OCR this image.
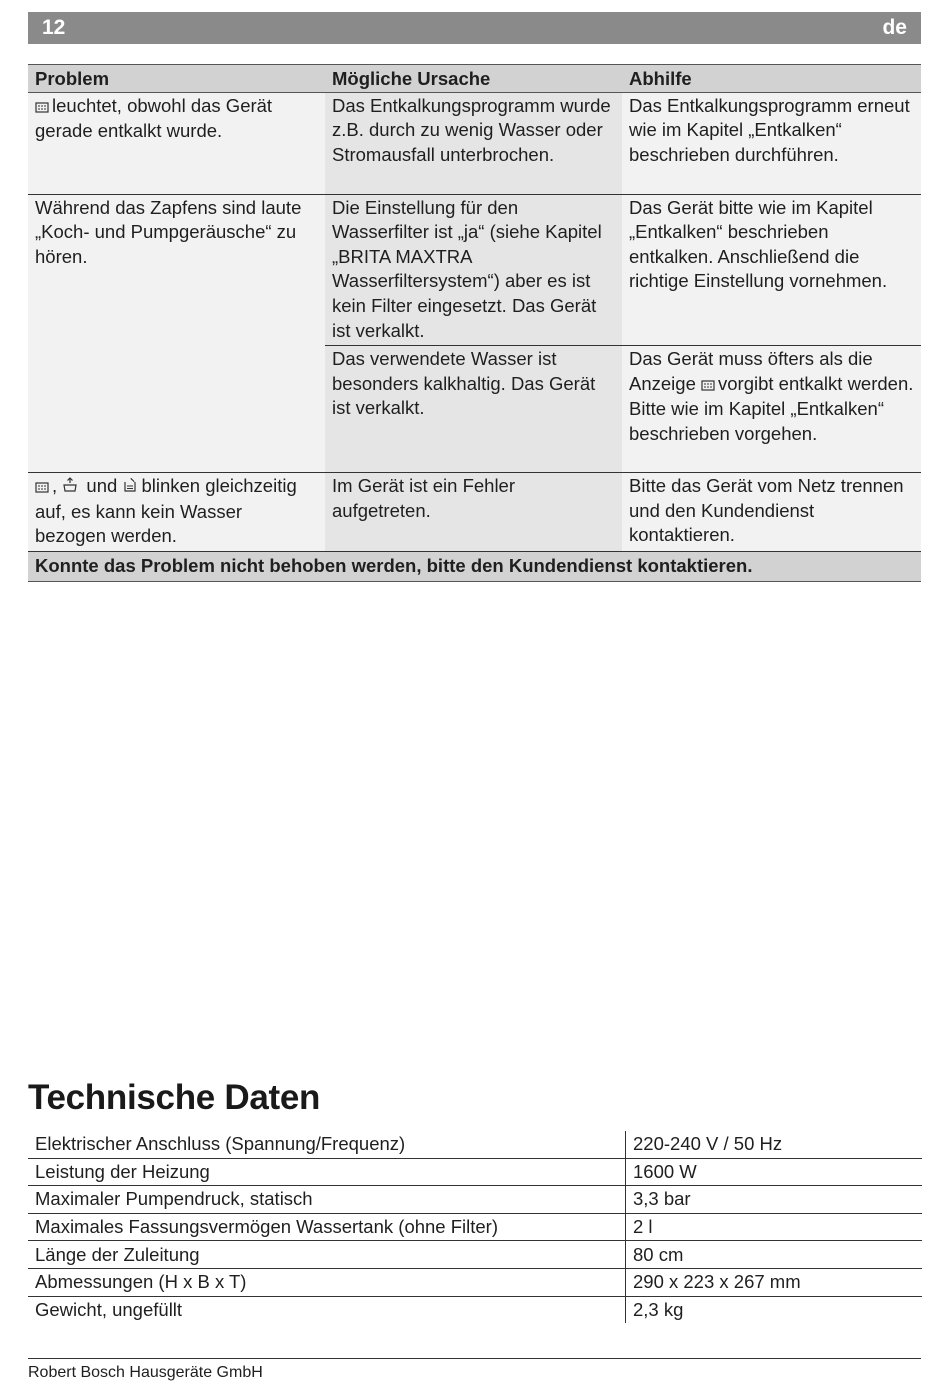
12	de
Problem	Mögliche Ursache	Abhilfe
leuchtet, obwohl das Gerät gerade entkalkt wurde.	Das Entkalkungsprogramm wurde z.B. durch zu wenig Wasser oder Stromausfall unterbrochen.	Das Entkalkungsprogramm erneut wie im Kapitel „Entkalken“ beschrieben durchführen.
Während das Zapfens sind laute „Koch- und Pumpgeräusche“ zu hören.	Die Einstellung für den Wasserfilter ist „ja“ (siehe Kapitel „BRITA MAXTRA Wasserfiltersystem“) aber es ist kein Filter eingesetzt. Das Gerät ist verkalkt.	Das Gerät bitte wie im Kapitel „Entkalken“ beschrieben entkalken. Anschließend die richtige Einstellung vornehmen.
	Das verwendete Wasser ist besonders kalkhaltig. Das Gerät ist verkalkt.	Das Gerät muss öfters als die Anzeige vorgibt entkalkt werden. Bitte wie im Kapitel „Entkalken“ beschrieben vorgehen.
, und blinken gleichzeitig auf, es kann kein Wasser bezogen werden.	Im Gerät ist ein Fehler aufgetreten.	Bitte das Gerät vom Netz trennen und den Kundendienst kontaktieren.
Konnte das Problem nicht behoben werden, bitte den Kundendienst kontaktieren.		
Technische Daten
Elektrischer Anschluss (Spannung/Frequenz)	220-240 V / 50 Hz
Leistung der Heizung	1600 W
Maximaler Pumpendruck, statisch	3,3 bar
Maximales Fassungsvermögen Wassertank (ohne Filter)	2 l
Länge der Zuleitung	80 cm
Abmessungen (H x B x T)	290 x 223 x 267 mm
Gewicht, ungefüllt	2,3 kg
Robert Bosch Hausgeräte GmbH
